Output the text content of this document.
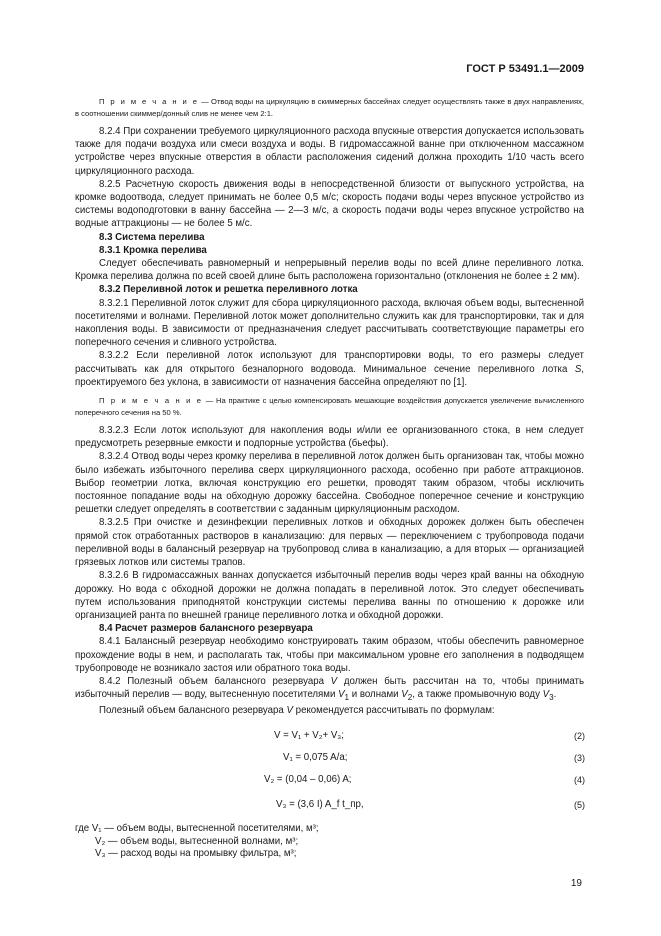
ГОСТ Р 53491.1—2009

П р и м е ч а н и е — Отвод воды на циркуляцию в скиммерных бассейнах следует осуществлять также в двух направлениях, в соотношении скиммер/донный слив не менее чем 2:1.

8.2.4 При сохранении требуемого циркуляционного расхода впускные отверстия допускается использовать также для подачи воздуха или смеси воздуха и воды. В гидромассажной ванне при отключенном массажном устройстве через впускные отверстия в области расположения сидений должна проходить 1/10 часть всего циркуляционного расхода.

8.2.5 Расчетную скорость движения воды в непосредственной близости от выпускного устройства, на кромке водоотвода, следует принимать не более 0,5 м/с; скорость подачи воды через впускное устройство из системы водоподготовки в ванну бассейна — 2—3 м/с, а скорость подачи воды через впускное устройство на водные аттракционы — не более 5 м/с.

8.3 Система перелива

8.3.1 Кромка перелива

Следует обеспечивать равномерный и непрерывный перелив воды по всей длине переливного лотка. Кромка перелива должна по всей своей длине быть расположена горизонтально (отклонения не более ± 2 мм).

8.3.2 Переливной лоток и решетка переливного лотка

8.3.2.1 Переливной лоток служит для сбора циркуляционного расхода, включая объем воды, вытесненной посетителями и волнами. Переливной лоток может дополнительно служить как для транспортировки, так и для накопления воды. В зависимости от предназначения следует рассчитывать соответствующие параметры его поперечного сечения и сливного устройства.

8.3.2.2 Если переливной лоток используют для транспортировки воды, то его размеры следует рассчитывать как для открытого безнапорного водовода. Минимальное сечение переливного лотка S, проектируемого без уклона, в зависимости от назначения бассейна определяют по [1].

П р и м е ч а н и е — На практике с целью компенсировать мешающие воздействия допускается увеличение вычисленного поперечного сечения на 50 %.

8.3.2.3 Если лоток используют для накопления воды и/или ее организованного стока, в нем следует предусмотреть резервные емкости и подпорные устройства (бьефы).

8.3.2.4 Отвод воды через кромку перелива в переливной лоток должен быть организован так, чтобы можно было избежать избыточного перелива сверх циркуляционного расхода, особенно при работе аттракционов. Выбор геометрии лотка, включая конструкцию его решетки, проводят таким образом, чтобы исключить постоянное попадание воды на обходную дорожку бассейна. Свободное поперечное сечение и конструкцию решетки следует определять в соответствии с заданным циркуляционным расходом.

8.3.2.5 При очистке и дезинфекции переливных лотков и обходных дорожек должен быть обеспечен прямой сток отработанных растворов в канализацию: для первых — переключением с трубопровода подачи переливной воды в балансный резервуар на трубопровод слива в канализацию, а для вторых — организацией грязевых лотков или системы трапов.

8.3.2.6 В гидромассажных ваннах допускается избыточный перелив воды через край ванны на обходную дорожку. Но вода с обходной дорожки не должна попадать в переливной лоток. Это следует обеспечивать путем использования приподнятой конструкции системы перелива ванны по отношению к дорожке или организацией ранта по внешней границе переливного лотка и обходной дорожки.

8.4 Расчет размеров балансного резервуара

8.4.1 Балансный резервуар необходимо конструировать таким образом, чтобы обеспечить равномерное прохождение воды в нем, и располагать так, чтобы при максимальном уровне его заполнения в подводящем трубопроводе не возникало застоя или обратного тока воды.

8.4.2 Полезный объем балансного резервуара V должен быть рассчитан на то, чтобы принимать избыточный перелив — воду, вытесненную посетителями $V_1$ и волнами $V_2$, а также промывочную воду $V_3$.

Полезный объем балансного резервуара V рекомендуется рассчитывать по формулам:

V = V₁ + V₂+ V₃;	(2)
V₁ = 0,075 A/a;	(3)
V₂ = (0,04 – 0,06) A;	(4)
V₃ = (3,6 I) A_f t_пр,	(5)
где V₁ — объем воды, вытесненной посетителями, м³;
V₂ — объем воды, вытесненной волнами, м³;
V₃ — расход воды на промывку фильтра, м³;
19
